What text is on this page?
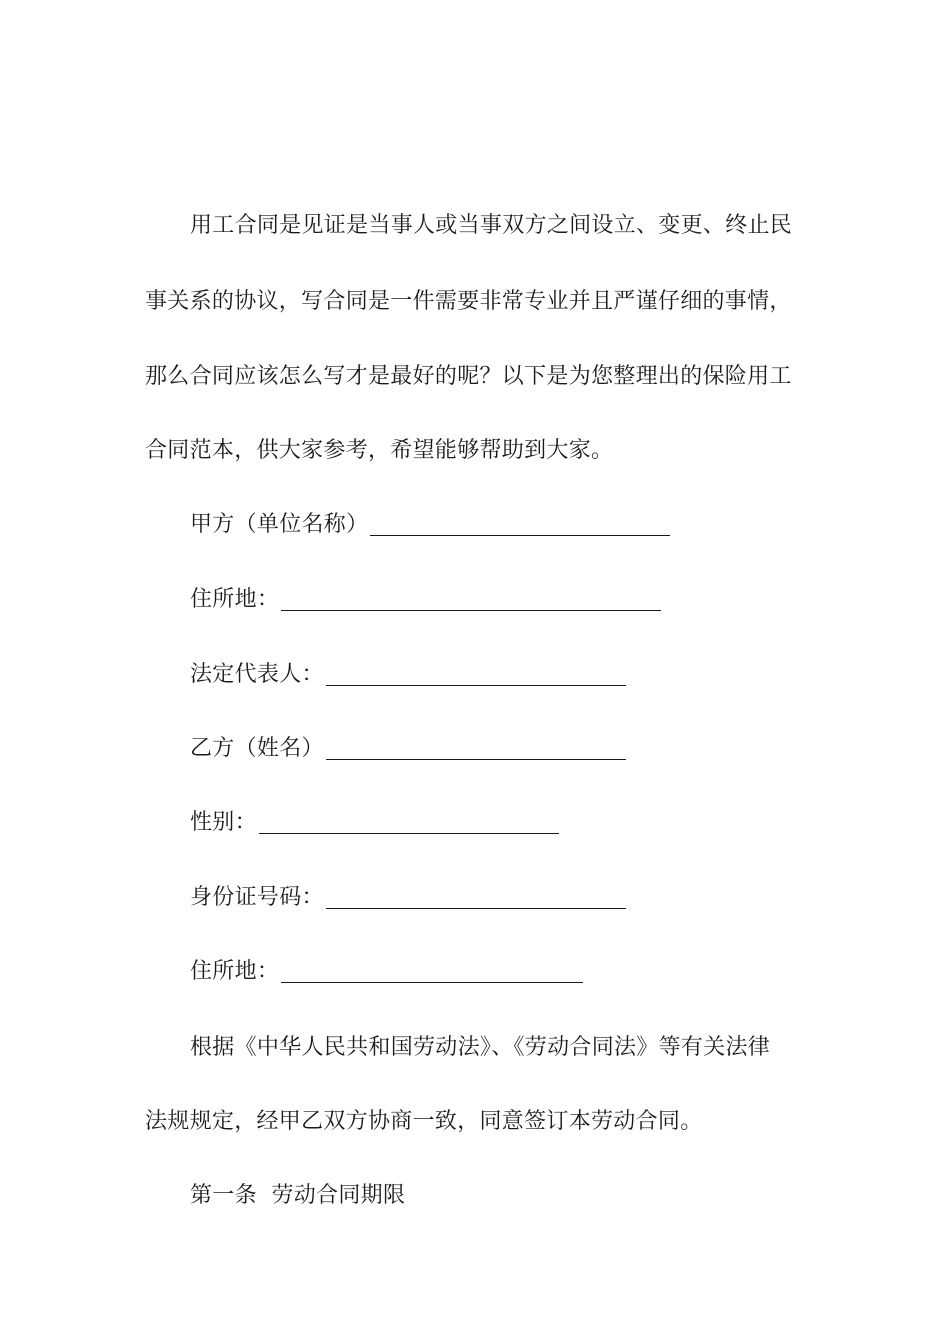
用工合同是见证是当事人或当事双方之间设立、变更、终止民
事关系的协议，写合同是一件需要非常专业并且严谨仔细的事情，
那么合同应该怎么写才是最好的呢？以下是为您整理出的保险用工
合同范本，供大家参考，希望能够帮助到大家。
甲方（单位名称）
住所地：
法定代表人：
乙方（姓名）
性别：
身份证号码：
住所地：
根据《中华人民共和国劳动法》、《劳动合同法》等有关法律
法规规定，经甲乙双方协商一致，同意签订本劳动合同。
第一条  劳动合同期限
